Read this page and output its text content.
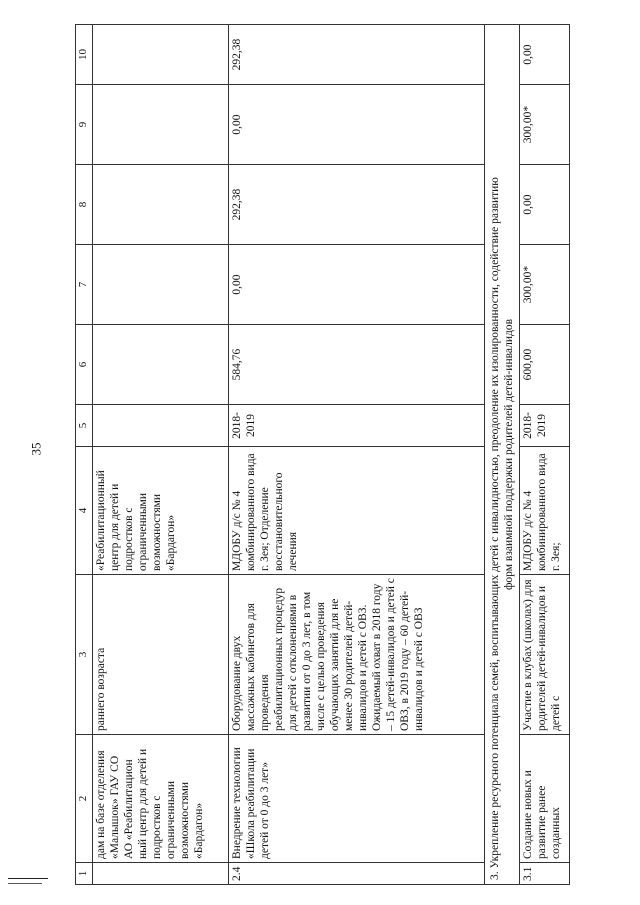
35
1	2	3	4	5	6	7	8	9	10
	дам на базе отделения «Малышок» ГАУ СО АО «Реабилитацион ный центр для детей и подростков с ограниченными возможностями «Бардагон»	раннего возраста	«Реабилитационный центр для детей и подростков с ограниченными возможностями «Бардагон»						
2.4	Внедрение технологии «Школа реабилитации детей от 0 до 3 лет»	Оборудование двух массажных кабинетов для проведения реабилитационных процедур для детей с отклонениями в развитии от 0 до 3 лет, в том числе с целью проведения обучающих занятий для не менее 30 родителей детей-инвалидов и детей с ОВЗ. Ожидаемый охват в 2018 году – 15 детей-инвалидов и детей с ОВЗ, в 2019 году – 60 детей-инвалидов и детей с ОВЗ	МДОБУ д/с № 4 комбинированного вида г. Зея; Отделение восстановительного лечения	2018-2019	584,76	0,00	292,38	0,00	292,38

3. Укрепление ресурсного потенциала семей, воспитывающих детей с инвалидностью, преодоление их изолированности, содействие развитию форм взаимной поддержки родителей детей-инвалидов									

3.1	Создание новых и развитие ранее созданных	Участие в клубах (школах) для родителей детей-инвалидов и детей с	МДОБУ д/с № 4 комбинированного вида г. Зея;	2018-2019	600,00	300,00*	0,00	300,00*	0,00
